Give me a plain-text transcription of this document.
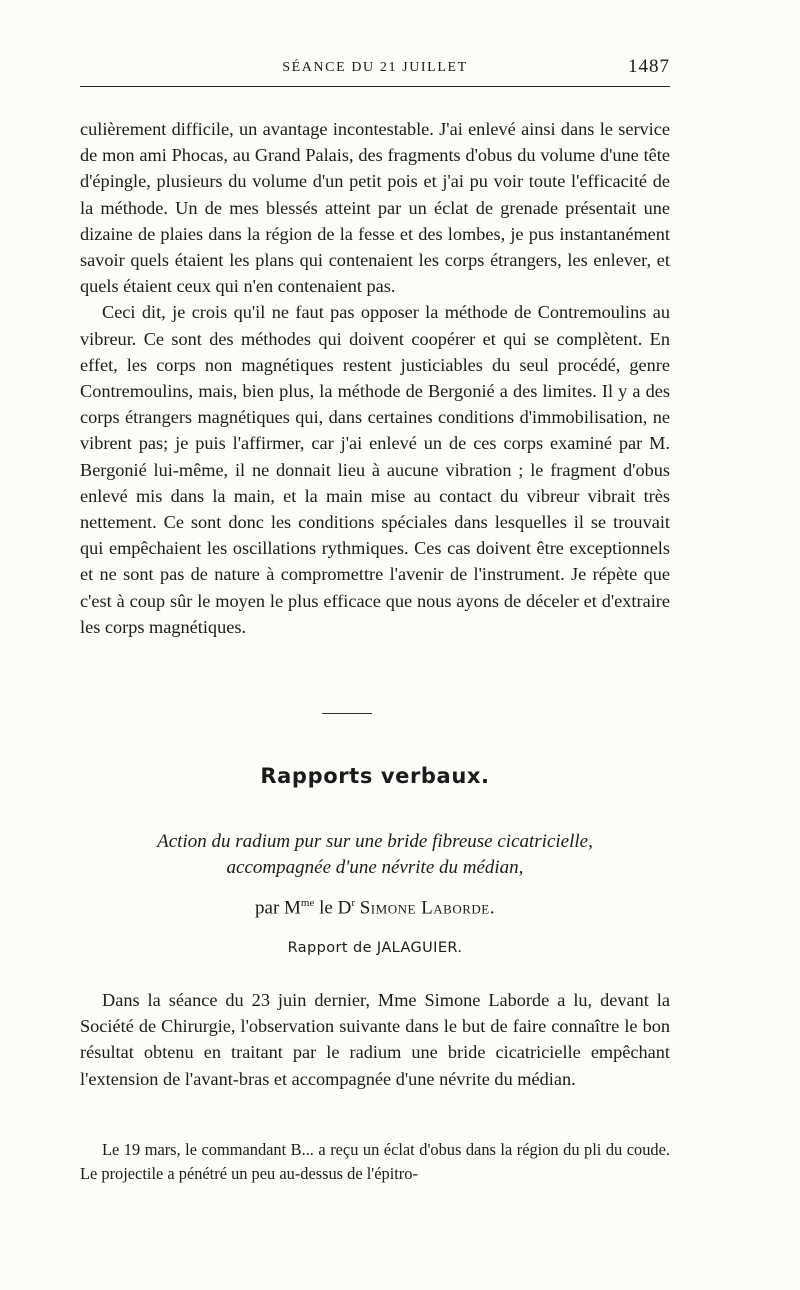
SÉANCE DU 21 JUILLET	1487

culièrement difficile, un avantage incontestable. J'ai enlevé ainsi dans le service de mon ami Phocas, au Grand Palais, des fragments d'obus du volume d'une tête d'épingle, plusieurs du volume d'un petit pois et j'ai pu voir toute l'efficacité de la méthode. Un de mes blessés atteint par un éclat de grenade présentait une dizaine de plaies dans la région de la fesse et des lombes, je pus instantanément savoir quels étaient les plans qui contenaient les corps étrangers, les enlever, et quels étaient ceux qui n'en contenaient pas.

Ceci dit, je crois qu'il ne faut pas opposer la méthode de Contremoulins au vibreur. Ce sont des méthodes qui doivent coopérer et qui se complètent. En effet, les corps non magnétiques restent justiciables du seul procédé, genre Contremoulins, mais, bien plus, la méthode de Bergonié a des limites. Il y a des corps étrangers magnétiques qui, dans certaines conditions d'immobilisation, ne vibrent pas; je puis l'affirmer, car j'ai enlevé un de ces corps examiné par M. Bergonié lui-même, il ne donnait lieu à aucune vibration ; le fragment d'obus enlevé mis dans la main, et la main mise au contact du vibreur vibrait très nettement. Ce sont donc les conditions spéciales dans lesquelles il se trouvait qui empêchaient les oscillations rythmiques. Ces cas doivent être exceptionnels et ne sont pas de nature à compromettre l'avenir de l'instrument. Je répète que c'est à coup sûr le moyen le plus efficace que nous ayons de déceler et d'extraire les corps magnétiques.

Rapports verbaux.
Action du radium pur sur une bride fibreuse cicatricielle,
accompagnée d'une névrite du médian,
par $M^{me}$ le $D^r$ Simone Laborde.
Rapport de JALAGUIER.

Dans la séance du 23 juin dernier, Mme Simone Laborde a lu, devant la Société de Chirurgie, l'observation suivante dans le but de faire connaître le bon résultat obtenu en traitant par le radium une bride cicatricielle empêchant l'extension de l'avant-bras et accompagnée d'une névrite du médian.

Le 19 mars, le commandant B... a reçu un éclat d'obus dans la région du pli du coude. Le projectile a pénétré un peu au-dessus de l'épitro-
